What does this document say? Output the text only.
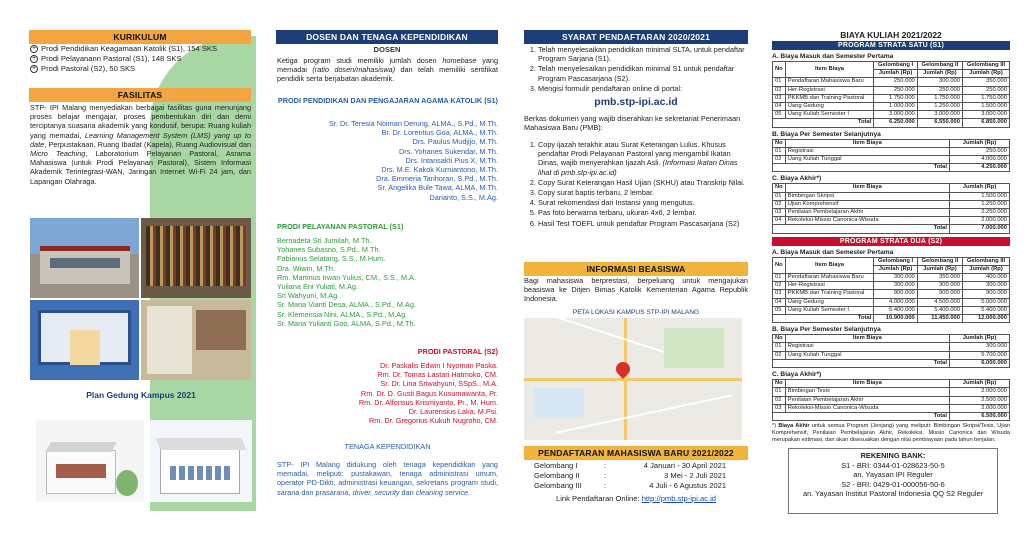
KURIKULUM
+ Prodi Pendidikan Keagamaan Katolik (S1), 154 SKS
+ Prodi Pelayanann Pastoral (S1), 148 SKS
+ Prodi Pastoral (S2), 50 SKS
FASILITAS
STP- IPI Malang menyediakan berbagai fasilitas guna menunjang proses belajar mengajar, proses pembentukan diri dan demi terciptanya suasana akademik yang kondusif, berupa: Ruang kuliah yang memadai, Learning Management System (LMS) yang up to date, Perpustakaan, Ruang Ibadat (Kapela), Ruang Audiovisual dan Micro Teaching, Laboratorium Pelayanan Pastoral, Asrama Mahasiswa (untuk Prodi Pelayanan Pastoral), Sistem Informasi Akademik Terintegrasi-WAN, Jaringan Internet Wi-Fi 24 jam, dan Lapangan Olahraga.
Plan Gedung Kampus 2021
DOSEN DAN TENAGA KEPENDIDIKAN
DOSEN
Ketiga program studi memiliki jumlah dosen homebase yang memadai (ratio dosen/mahasiswa) dan telah memiliki sertifikat pendidik serta berjabatan akademik.
PRODI PENDIDIKAN DAN PENGAJARAN AGAMA KATOLIK (S1)
Sr. Dr. Teresia Noiman Derung, ALMA., S.Pd., M.Th.
Br. Dr. Lorentius Goa, ALMA., M.Th.
Drs. Paulus Mudjijo, M.Th.
Drs. Yohanes Sukendar, M.Th.
Drs. Intansakti Pius X, M.Th.
Drs. M.E. Kakok Kurniantono, M.Th.
Dra. Emmeria Tarihoran, S.Pd., M.Th.
Sr. Angelika Bule Tawa, ALMA, M.Th.
Darianto, S.S., M.Ag.
PRODI PELAYANAN PASTORAL (S1)
Bernadeta Sri Jumilah, M.Th.
Yohanes Subasno, S.Pd., M.Th.
Fabianus Selatang, S.S., M.Hum.
Dra. Wiwin, M.Th.
Rm. Martinus Irwan Yulius, CM., S.S., M.A.
Yuliana Eni Yuliati, M.Ag.
Sri Wahyuni, M.Ag.
Sr. Maria Vianti Desa, ALMA., S.Pd., M.Ag.
Sr. Klemensia Nini, ALMA., S.Pd., M.Ag.
Sr. Maria Yulianti Goo, ALMA, S.Pd., M.Th.
PRODI PASTORAL (S2)
Dr. Paskalis Edwin I Nyoman Paska.
Rm. Dr. Tomas Lastari Hatmoko, CM.
Sr. Dr. Lina Sriwahyuni, SSpS., M.A.
Rm. Dr. D. Gusti Bagus Kusumawanta, Pr.
Rm. Dr. Alfonsus Krismiyanto, Pr., M. Hum.
Dr. Laurensius Laka, M.Psi.
Rm. Dr. Gregorius Kukuh Nugroho, CM.
TENAGA KEPENDIDIKAN
STP- IPI Malang didukung oleh tenaga kependidikan yang memadai, meliputi: pustakawan, tenaga administrasi umum, operator PD-Dikti, administrasi keuangan, sekretaris program studi, sarana dan prasarana, driver, security dan cleaning service.
SYARAT PENDAFTARAN 2020/2021
1. Telah menyelesaikan pendidikan minimal SLTA, untuk pendaftar Program Sarjana (S1).
2. Telah menyelesaikan pendidikan minimal S1 untuk pendaftar Program Pascasarjana (S2).
3. Mengisi formulir pendaftaran online di portal:
pmb.stp-ipi.ac.id
Berkas dokumen yang wajib diserahkan ke sekretariat Penerimaan Mahasiswa Baru (PMB):
1. Copy ijazah terakhir atau Surat Keterangan Lulus. Khusus pendaftar Prodi Pelayanan Pastoral yang mengambil Ikatan Dinas, wajib menyerahkan Ijazah Asli. (Informasi Ikatan Dinas lihat di pmb.stp-ipi.ac.id)
2. Copy Surat Keterangan Hasil Ujian (SKHU) atau Transkrip Nilai.
3. Copy surat baptis terbaru, 2 lembar.
4. Surat rekomendasi dari Instansi yang mengutus.
5. Pas foto berwarna terbaru, ukuran 4x6, 2 lembar.
6. Hasil Test TOEFL untuk pendaftar Program Pascasarjana (S2)
INFORMASI BEASISWA
Bagi mahasiswa berprestasi, berpeluang untuk mengajukan beasiswa ke Ditjen Bimas Katolik Kementerian Agama Republik Indonesia.
PETA LOKASI KAMPUS STP-IPI MALANG
PENDAFTARAN MAHASISWA BARU 2021/2022
Gelombang I	:	4 Januari - 30 April 2021
Gelombang II	:	3 Mei - 2 Juli 2021
Gelombang III	:	4 Juli - 6 Agustus 2021
Link Pendaftaran Online: http://pmb.stp-ipi.ac.id
BIAYA KULIAH 2021/2022
PROGRAM STRATA SATU (S1)
A. Biaya Masuk dan Semester Pertama
No	Item Biaya	Gelombang I	Gelombang II	Gelombang III
		Jumlah (Rp)	Jumlah (Rp)	Jumlah (Rp)
01	Pendaftaran Mahasiswa Baru	250.000	300.000	350.000
02	Her-Registrasi	250.000	250.000	250.000
03	PKKMB dan Training Pastoral	1.750.000	1.750.000	1.750.000
04	Uang Gedung	1.000.000	1.250.000	1.500.000
05	Uang Kuliah Semester I	3.000.000	3.000.000	3.000.000
Total		6.250.000	6.550.000	6.850.000
B. Biaya Per Semester Selanjutnya
No	Item Biaya	Jumlah (Rp)
01	Registrasi	250.000
02	Uang Kuliah Tunggal	4.000.000
Total		4.250.000
C. Biaya Akhir*)
No	Item Biaya	Jumlah (Rp)
01	Bimbingan Skripsi	1.500.000
02	Ujian Komprehensif	1.250.000
03	Penilaian Pembelajaran Akhir	2.250.000
04	Rekoleksi-Missio Canonica-Wisuda	2.000.000
Total		7.000.000
PROGRAM STRATA DUA (S2)
A. Biaya Masuk dan Semester Pertama
No	Item Biaya	Gelombang I	Gelombang II	Gelombang III
		Jumlah (Rp)	Jumlah (Rp)	Jumlah (Rp)
01	Pendaftaran Mahasiswa Baru	300.000	350.000	400.000
02	Her-Registrasi	300.000	300.000	300.000
03	PKKMB dan Training Pastoral	900.000	900.000	900.000
04	Uang Gedung	4.000.000	4.500.000	5.000.000
05	Uang Kuliah Semester I	5.400.000	5.400.000	5.400.000
Total		10.900.000	11.450.000	12.000.000
B. Biaya Per Semester Selanjutnya
No	Item Biaya	Jumlah (Rp)
01	Registrasi	300.000
02	Uang Kuliah Tunggal	5.700.000
Total		6.000.000
C. Biaya Akhir*)
No	Item Biaya	Jumlah (Rp)
01	Bimbingan Tesis	2.000.000
02	Penilaian Pembelajaran Akhir	2.500.000
03	Rekoleksi-Missio Canonica-Wisuda	2.000.000
Total		6.500.000
*) Biaya Akhir untuk semua Program (Jenjang) yang meliputi: Bimbingan Skripsi/Tesis, Ujian Komprehensif, Penilaian Pembelajaran Akhir, Rekoleksi, Missio Canonica dan Wisuda merupakan estimasi, dan akan disesuaikan dengan nilai pembiayaan pada tahun berjalan.
REKENING BANK:
S1 - BRI: 0344-01-028623-50-5
an. Yayasan IPI Reguler
S2 - BRI: 0429-01-000056-50-6
an. Yayasan Institut Pastoral Indonesia QQ S2 Reguler
